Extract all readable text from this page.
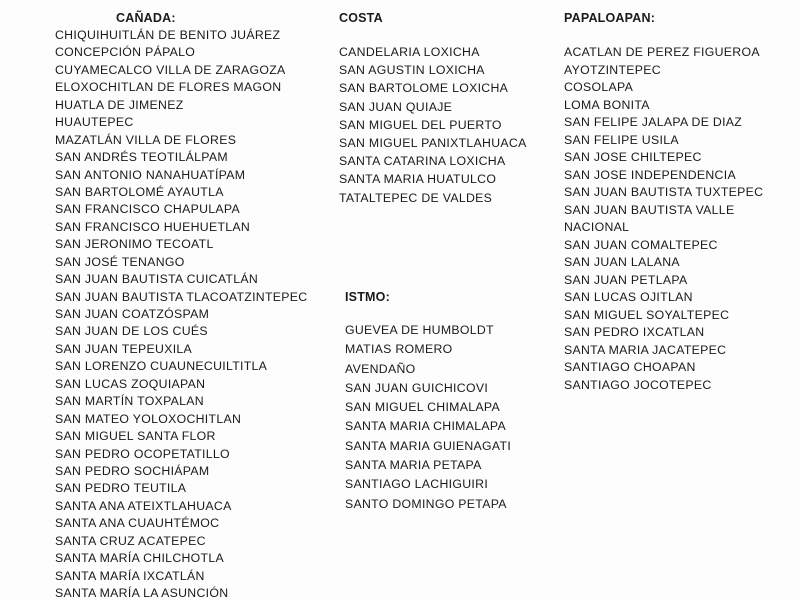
CAÑADA:
CHIQUIHUITLÁN DE BENITO JUÁREZ
CONCEPCIÓN PÁPALO
CUYAMECALCO VILLA DE ZARAGOZA
ELOXOCHITLAN DE FLORES MAGON
HUATLA DE JIMENEZ
HUAUTEPEC
MAZATLÁN VILLA DE FLORES
SAN ANDRÉS TEOTILÁLPAM
SAN ANTONIO NANAHUATÍPAM
SAN BARTOLOMÉ AYAUTLA
SAN FRANCISCO CHAPULAPA
SAN FRANCISCO HUEHUETLAN
SAN JERONIMO TECOATL
SAN JOSÉ TENANGO
SAN JUAN BAUTISTA CUICATLÁN
SAN JUAN BAUTISTA TLACOATZINTEPEC
SAN JUAN COATZÓSPAM
SAN JUAN DE LOS CUÉS
SAN JUAN TEPEUXILA
SAN LORENZO CUAUNECUILTITLA
SAN LUCAS ZOQUIAPAN
SAN MARTÍN TOXPALAN
SAN MATEO YOLOXOCHITLAN
SAN MIGUEL SANTA FLOR
SAN PEDRO OCOPETATILLO
SAN PEDRO SOCHIÁPAM
SAN PEDRO TEUTILA
SANTA ANA ATEIXTLAHUACA
SANTA ANA CUAUHTÉMOC
SANTA CRUZ ACATEPEC
SANTA MARÍA CHILCHOTLA
SANTA MARÍA IXCATLÁN
SANTA MARÍA LA ASUNCIÓN
COSTA
CANDELARIA LOXICHA
SAN AGUSTIN LOXICHA
SAN BARTOLOME LOXICHA
SAN JUAN QUIAJE
SAN MIGUEL DEL PUERTO
SAN MIGUEL PANIXTLAHUACA
SANTA CATARINA LOXICHA
SANTA MARIA HUATULCO
TATALTEPEC DE VALDES
ISTMO:
GUEVEA DE HUMBOLDT
MATIAS ROMERO
AVENDAÑO
SAN JUAN GUICHICOVI
SAN MIGUEL CHIMALAPA
SANTA MARIA CHIMALAPA
SANTA MARIA GUIENAGATI
SANTA MARIA PETAPA
SANTIAGO LACHIGUIRI
SANTO DOMINGO PETAPA
PAPALOAPAN:
ACATLAN DE PEREZ FIGUEROA
AYOTZINTEPEC
COSOLAPA
LOMA BONITA
SAN FELIPE JALAPA DE DIAZ
SAN FELIPE USILA
SAN JOSE CHILTEPEC
SAN JOSE INDEPENDENCIA
SAN JUAN BAUTISTA TUXTEPEC
SAN JUAN BAUTISTA VALLE
NACIONAL
SAN JUAN COMALTEPEC
SAN JUAN LALANA
SAN JUAN PETLAPA
SAN LUCAS OJITLAN
SAN MIGUEL SOYALTEPEC
SAN PEDRO IXCATLAN
SANTA MARIA JACATEPEC
SANTIAGO CHOAPAN
SANTIAGO JOCOTEPEC
